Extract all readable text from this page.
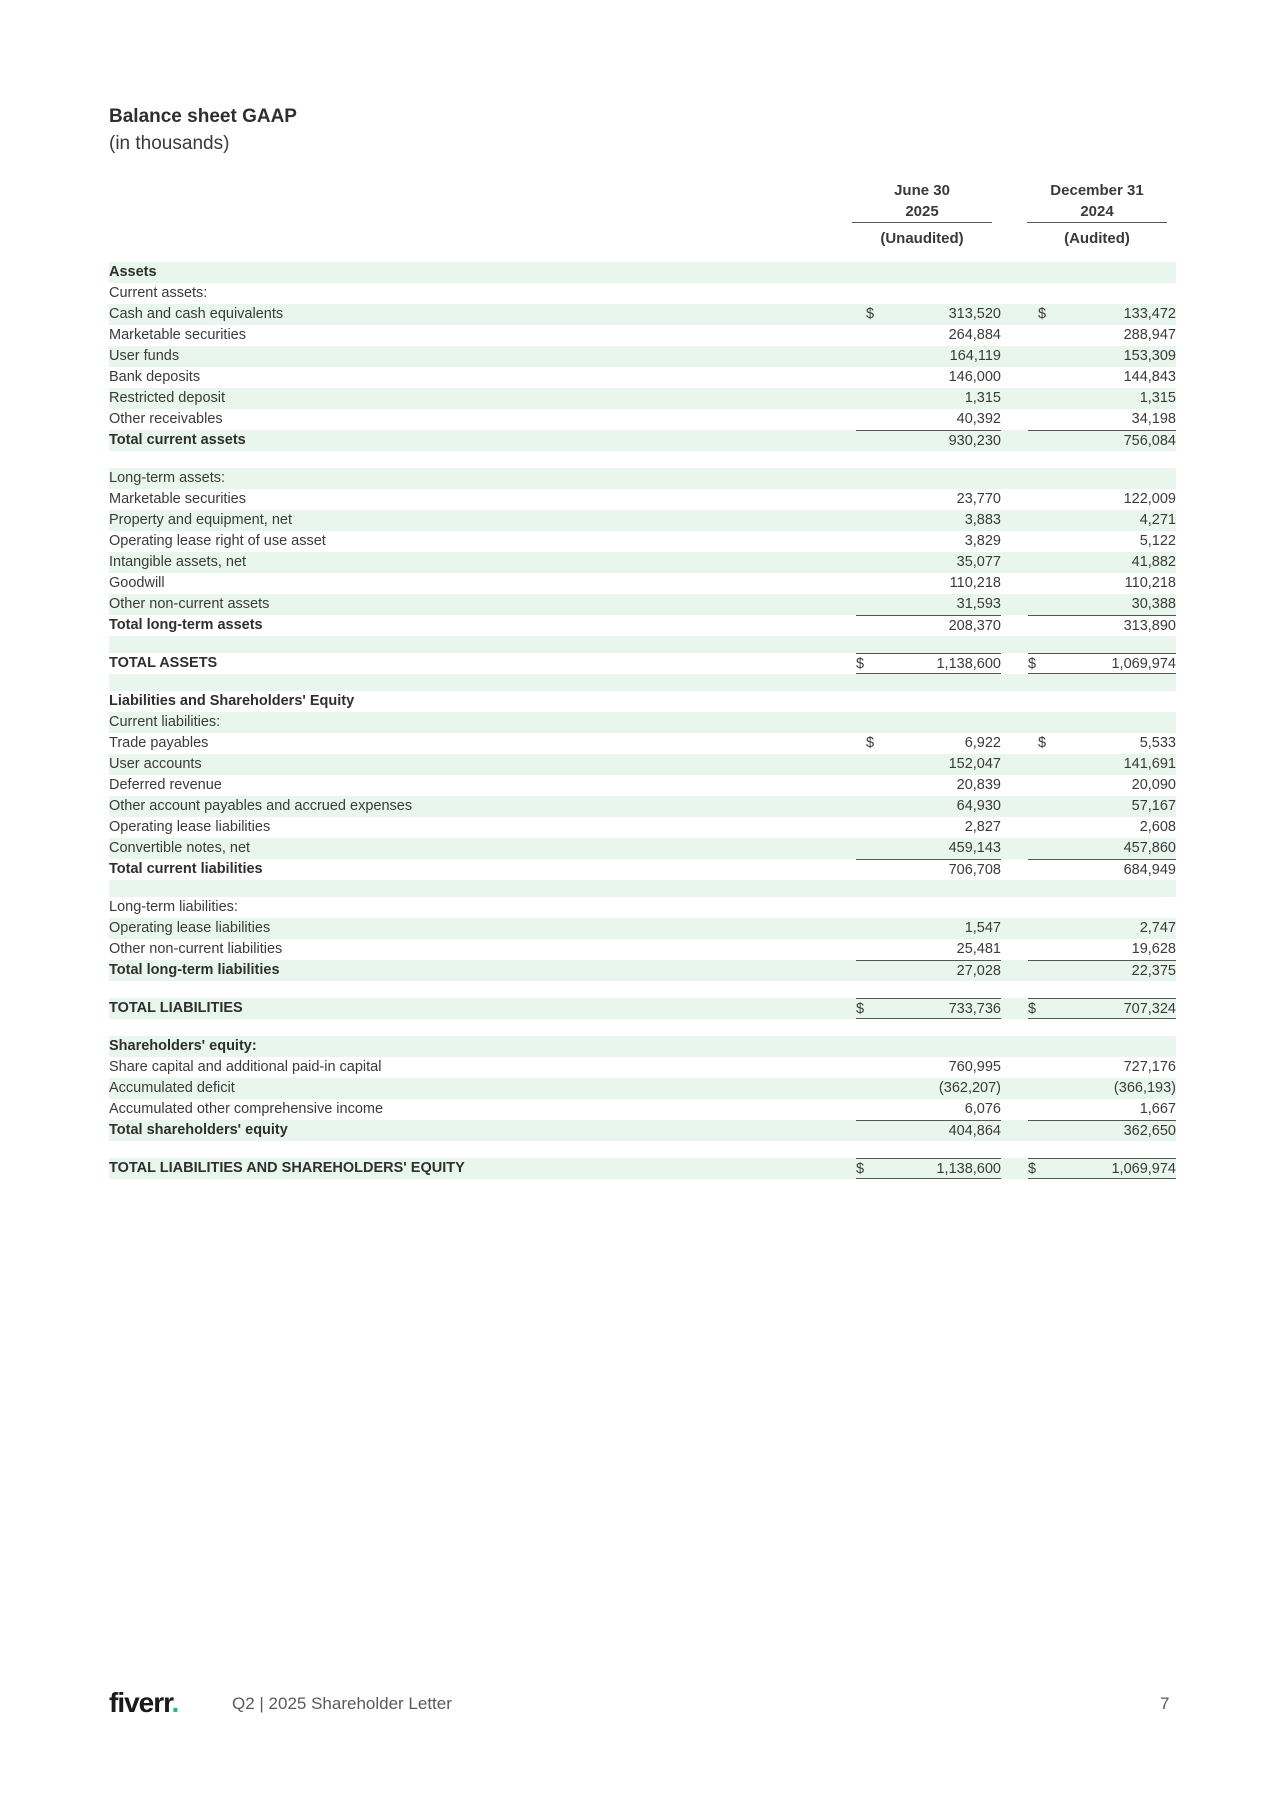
Balance sheet GAAP
(in thousands)
June 30
2025
(Unaudited)
December 31
2024
(Audited)
Assets
Current assets:
Cash and cash equivalents	$	313,520	$	133,472
Marketable securities	264,884	288,947
User funds	164,119	153,309
Bank deposits	146,000	144,843
Restricted deposit	1,315	1,315
Other receivables	40,392	34,198
Total current assets	930,230	756,084
Long-term assets:
Marketable securities	23,770	122,009
Property and equipment, net	3,883	4,271
Operating lease right of use asset	3,829	5,122
Intangible assets, net	35,077	41,882
Goodwill	110,218	110,218
Other non-current assets	31,593	30,388
Total long-term assets	208,370	313,890
TOTAL ASSETS	$	1,138,600 $	1,069,974
Liabilities and Shareholders' Equity
Current liabilities:
Trade payables	$	6,922	$	5,533
User accounts	152,047	141,691
Deferred revenue	20,839	20,090
Other account payables and accrued expenses	64,930	57,167
Operating lease liabilities	2,827	2,608
Convertible notes, net	459,143	457,860
Total current liabilities	706,708	684,949
Long-term liabilities:
Operating lease liabilities	1,547	2,747
Other non-current liabilities	25,481	19,628
Total long-term liabilities	27,028	22,375
TOTAL LIABILITIES	$	733,736 $	707,324
Shareholders' equity:
Share capital and additional paid-in capital	760,995	727,176
Accumulated deficit	(362,207)	(366,193)
Accumulated other comprehensive income	6,076	1,667
Total shareholders' equity	404,864	362,650
TOTAL LIABILITIES AND SHAREHOLDERS' EQUITY	$	1,138,600 $	1,069,974
fiverr.	Q2 | 2025 Shareholder Letter	7
